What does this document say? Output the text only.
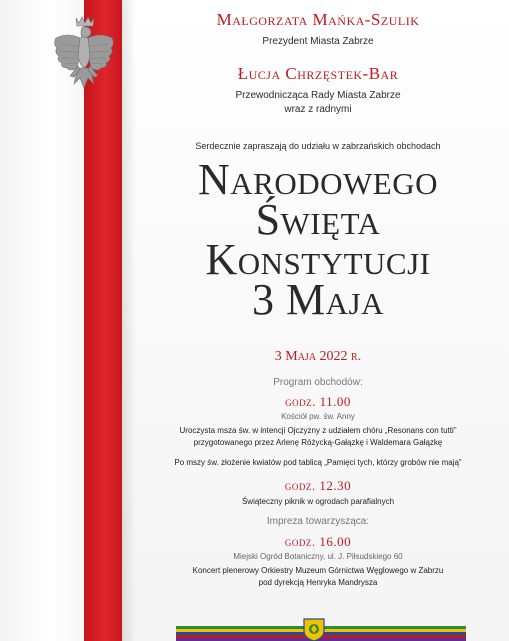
Małgorzata Mańka-Szulik
Prezydent Miasta Zabrze
Łucja Chrzęstek-Bar
Przewodnicząca Rady Miasta Zabrze
wraz z radnymi
Serdecznie zapraszają do udziału w zabrzańskich obchodach
Narodowego
Święta
Konstytucji
3 Maja
3 Maja 2022 r.
Program obchodów:
godz. 11.00
Kościół pw. św. Anny
Uroczysta msza św. w intencji Ojczyzny z udziałem chóru „Resonans con tutti”
przygotowanego przez Arlenę Różycką-Gałązkę i Waldemara Gałązkę
Po mszy św. złożenie kwiatów pod tablicą „Pamięci tych, którzy grobów nie mają”
godz. 12.30
Świąteczny piknik w ogrodach parafialnych
Impreza towarzysząca:
godz. 16.00
Miejski Ogród Botaniczny, ul. J. Piłsudskiego 60
Koncert plenerowy Orkiestry Muzeum Górnictwa Węglowego w Zabrzu
pod dyrekcją Henryka Mandrysza
